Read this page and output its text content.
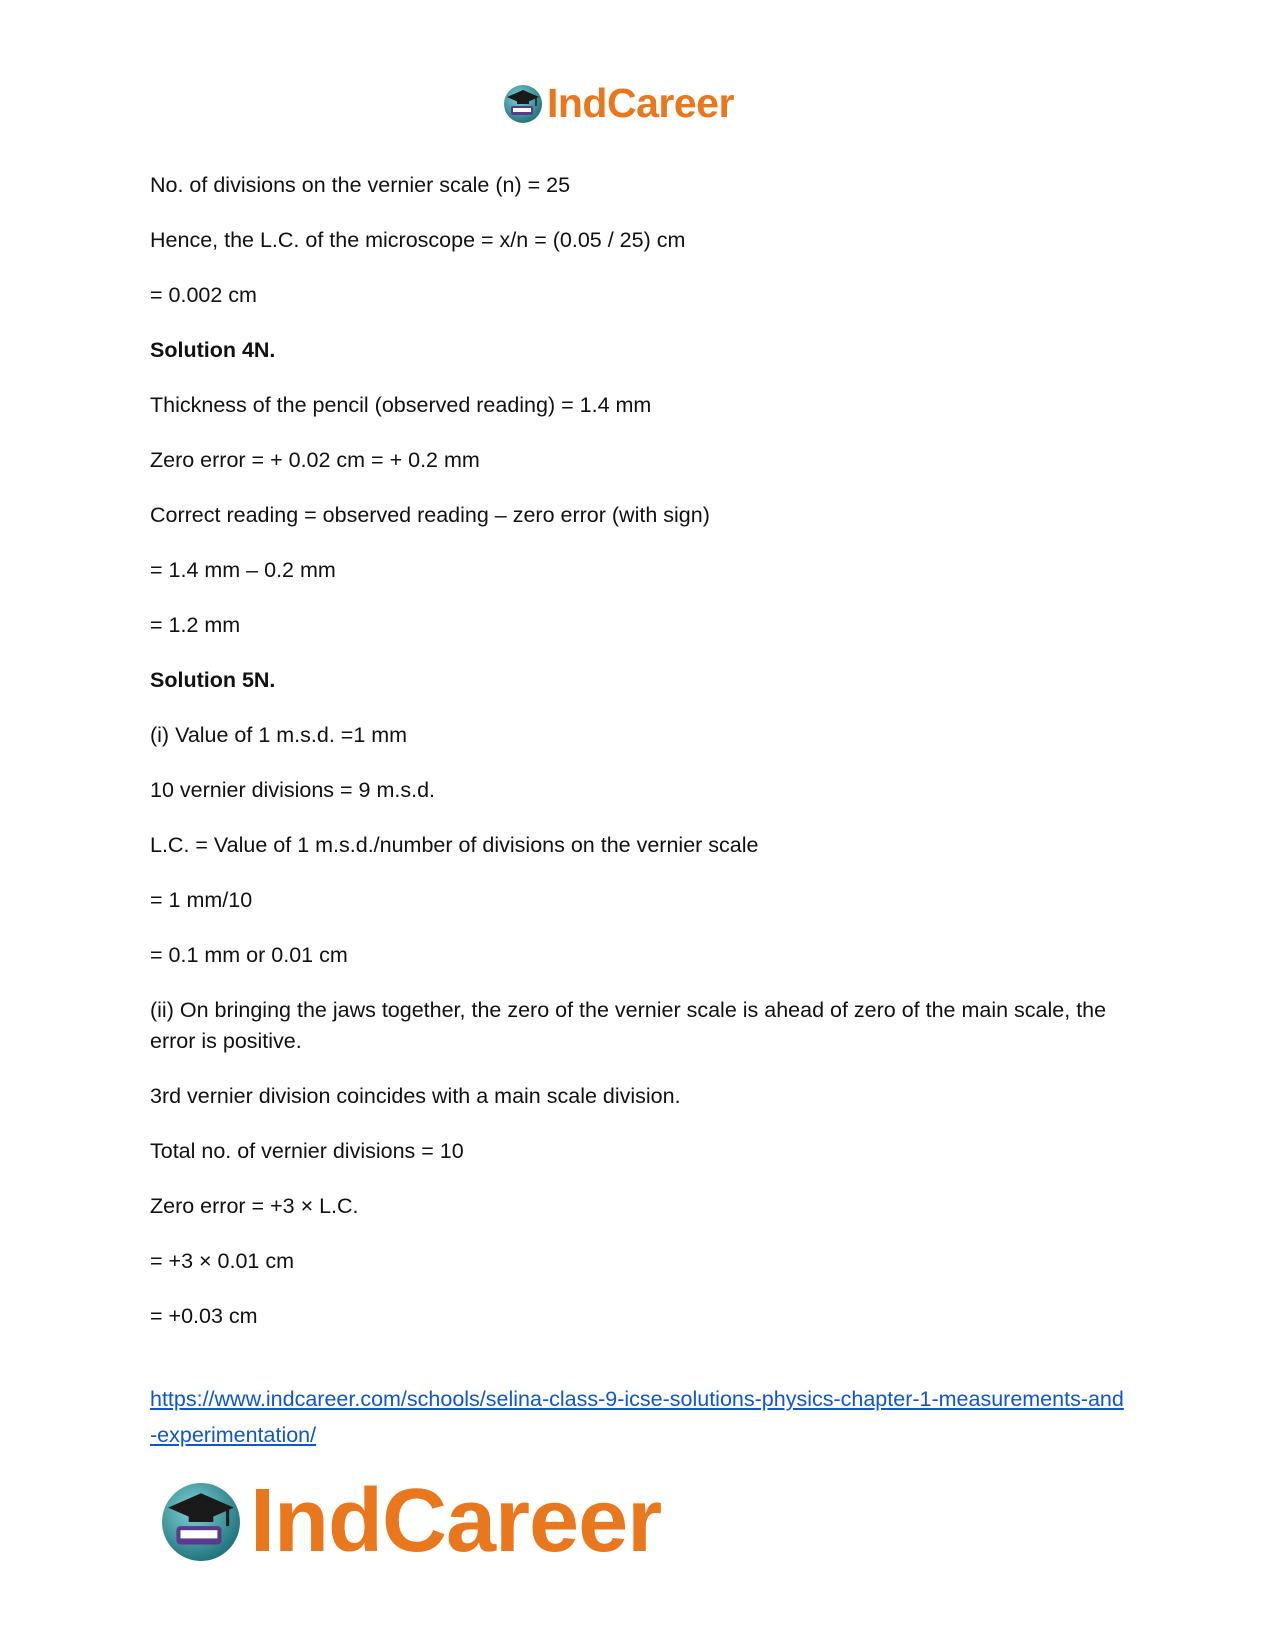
IndCareer

No. of divisions on the vernier scale (n) = 25

Hence, the L.C. of the microscope = x/n = (0.05 / 25) cm

= 0.002 cm

Solution 4N.

Thickness of the pencil (observed reading) = 1.4 mm

Zero error = + 0.02 cm = + 0.2 mm

Correct reading = observed reading – zero error (with sign)

= 1.4 mm – 0.2 mm

= 1.2 mm

Solution 5N.

(i) Value of 1 m.s.d. =1 mm

10 vernier divisions = 9 m.s.d.

L.C. = Value of 1 m.s.d./number of divisions on the vernier scale

= 1 mm/10

= 0.1 mm or 0.01 cm

(ii) On bringing the jaws together, the zero of the vernier scale is ahead of zero of the main scale, the error is positive.

3rd vernier division coincides with a main scale division.

Total no. of vernier divisions = 10

Zero error = +3 × L.C.

= +3 × 0.01 cm

= +0.03 cm

https://www.indcareer.com/schools/selina-class-9-icse-solutions-physics-chapter-1-measurements-and-experimentation/
IndCareer
